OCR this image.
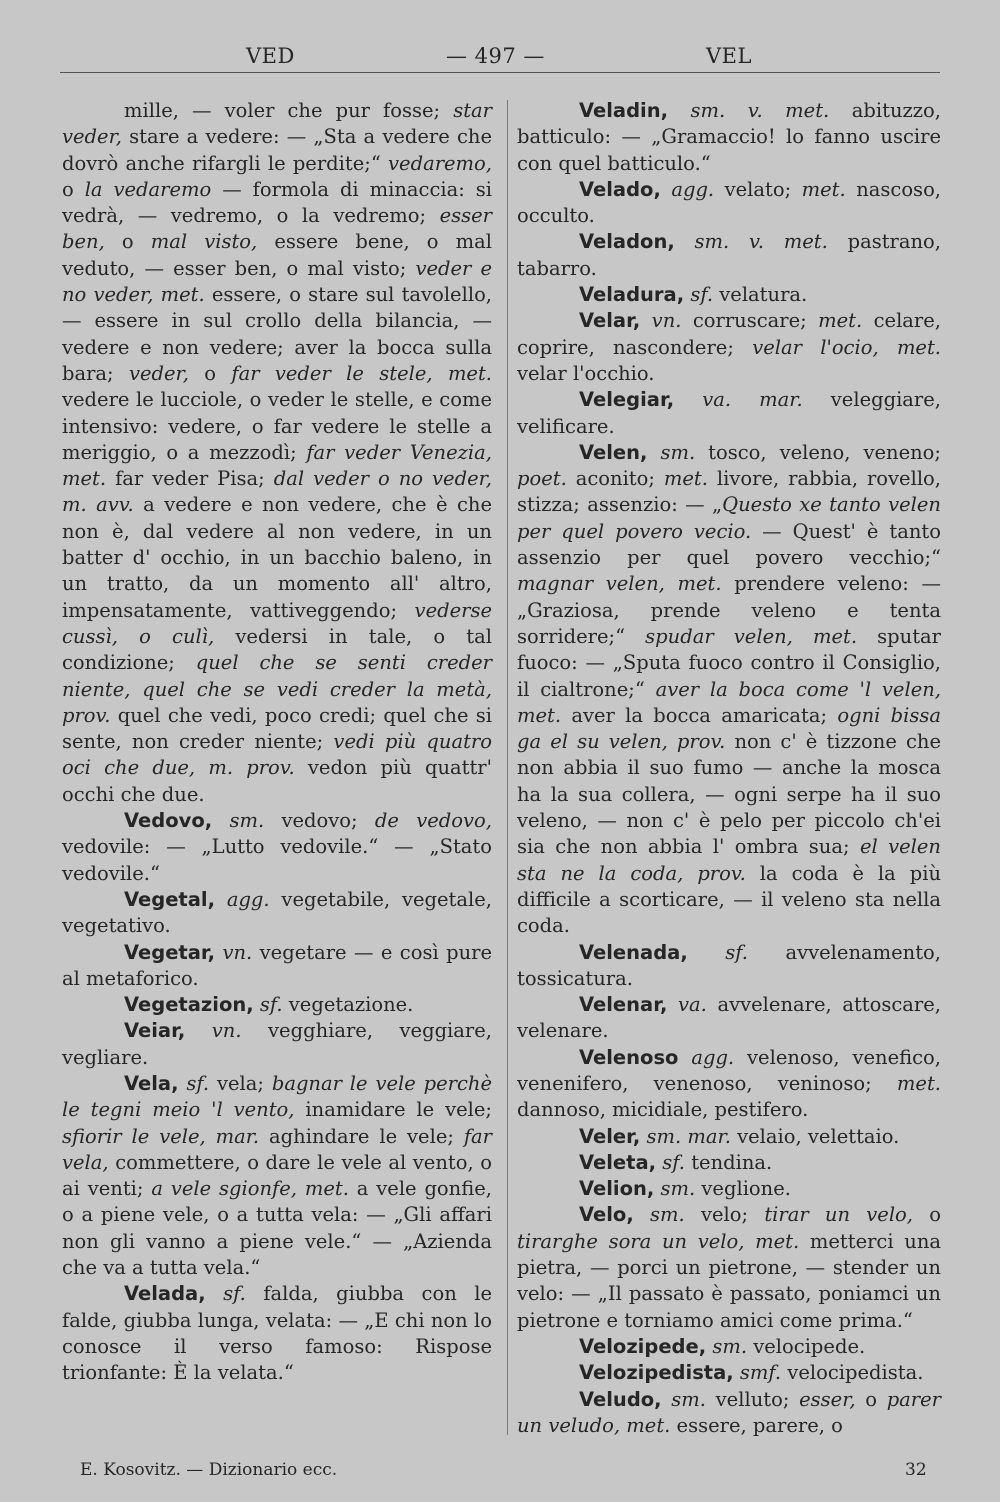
VED	— 497 —	VEL

mille, — voler che pur fosse; star veder, stare a vedere: — „Sta a vedere che dovrò anche rifargli le perdite;“ vedaremo, o la vedaremo — formola di minaccia: si vedrà, — vedremo, o la vedremo; esser ben, o mal visto, essere bene, o mal veduto, — esser ben, o mal visto; veder e no veder, met. essere, o stare sul tavolello, — essere in sul crollo della bilancia, — vedere e non vedere; aver la bocca sulla bara; veder, o far veder le stele, met. vedere le lucciole, o veder le stelle, e come intensivo: vedere, o far vedere le stelle a meriggio, o a mezzodì; far veder Venezia, met. far veder Pisa; dal veder o no veder, m. avv. a vedere e non vedere, che è che non è, dal vedere al non vedere, in un batter d' occhio, in un bacchio baleno, in un tratto, da un momento all' altro, impensatamente, vattiveggendo; vederse cussì, o culì, vedersi in tale, o tal condizione; quel che se senti creder niente, quel che se vedi creder la metà, prov. quel che vedi, poco credi; quel che si sente, non creder niente; vedi più quatro oci che due, m. prov. vedon più quattr' occhi che due.

Vedovo, sm. vedovo; de vedovo, vedovile: — „Lutto vedovile.“ — „Stato vedovile.“

Vegetal, agg. vegetabile, vegetale, vegetativo.

Vegetar, vn. vegetare — e così pure al metaforico.

Vegetazion, sf. vegetazione.

Veiar, vn. vegghiare, veggiare, vegliare.

Vela, sf. vela; bagnar le vele perchè le tegni meio 'l vento, inamidare le vele; sfiorir le vele, mar. aghindare le vele; far vela, commettere, o dare le vele al vento, o ai venti; a vele sgionfe, met. a vele gonfie, o a piene vele, o a tutta vela: — „Gli affari non gli vanno a piene vele.“ — „Azienda che va a tutta vela.“

Velada, sf. falda, giubba con le falde, giubba lunga, velata: — „E chi non lo conosce il verso famoso: Rispose trionfante: È la velata.“

Veladin, sm. v. met. abituzzo, batticulo: — „Gramaccio! lo fanno uscire con quel batticulo.“

Velado, agg. velato; met. nascoso, occulto.

Veladon, sm. v. met. pastrano, tabarro.

Veladura, sf. velatura.

Velar, vn. corruscare; met. celare, coprire, nascondere; velar l'ocio, met. velar l'occhio.

Velegiar, va. mar. veleggiare, velificare.

Velen, sm. tosco, veleno, veneno; poet. aconito; met. livore, rabbia, rovello, stizza; assenzio: — „Questo xe tanto velen per quel povero vecio. — Quest' è tanto assenzio per quel povero vecchio;“ magnar velen, met. prendere veleno: — „Graziosa, prende veleno e tenta sorridere;“ spudar velen, met. sputar fuoco: — „Sputa fuoco contro il Consiglio, il cialtrone;“ aver la boca come 'l velen, met. aver la bocca amaricata; ogni bissa ga el su velen, prov. non c' è tizzone che non abbia il suo fumo — anche la mosca ha la sua collera, — ogni serpe ha il suo veleno, — non c' è pelo per piccolo ch'ei sia che non abbia l' ombra sua; el velen sta ne la coda, prov. la coda è la più difficile a scorticare, — il veleno sta nella coda.

Velenada, sf. avvelenamento, tossicatura.

Velenar, va. avvelenare, attoscare, velenare.

Velenoso agg. velenoso, venefico, venenifero, venenoso, veninoso; met. dannoso, micidiale, pestifero.

Veler, sm. mar. velaio, velettaio.

Veleta, sf. tendina.

Velion, sm. veglione.

Velo, sm. velo; tirar un velo, o tirarghe sora un velo, met. metterci una pietra, — porci un pietrone, — stender un velo: — „Il passato è passato, poniamci un pietrone e torniamo amici come prima.“

Velozipede, sm. velocipede.

Velozipedista, smf. velocipedista.

Veludo, sm. velluto; esser, o parer un veludo, met. essere, parere, o

E. Kosovitz. — Dizionario ecc.	32
